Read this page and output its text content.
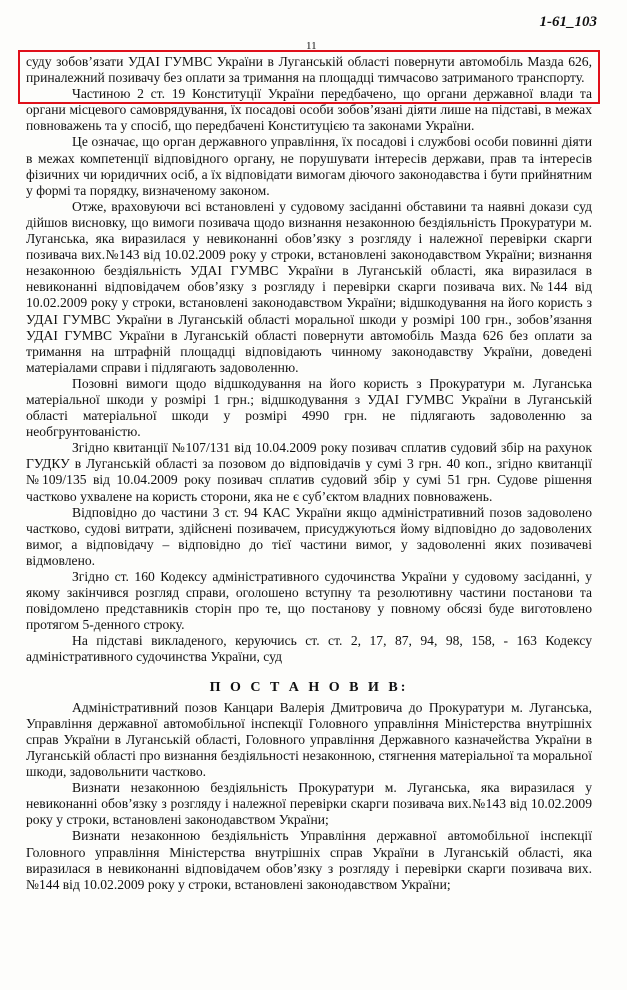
1-61_103
11

суду зобов’язати УДАІ ГУМВС України в Луганській області повернути автомобіль Мазда 626, приналежний позивачу без оплати за тримання на площадці тимчасово затриманого транспорту.

Частиною 2 ст. 19 Конституції України передбачено, що органи державної влади та органи місцевого самоврядування, їх посадові особи зобов’язані діяти лише на підставі, в межах повноважень та у спосіб, що передбачені Конституцією та законами України.

Це означає, що орган державного управління, їх посадові і службові особи повинні діяти в межах компетенції відповідного органу, не порушувати інтересів держави, прав та інтересів фізичних чи юридичних осіб, а їх відповідати вимогам діючого законодавства і бути прийнятним у формі та порядку, визначеному законом.

Отже, враховуючи всі встановлені у судовому засіданні обставини та наявні докази суд дійшов висновку, що вимоги позивача щодо визнання незаконною бездіяльність Прокуратури м. Луганська, яка виразилася у невиконанні обов’язку з розгляду і належної перевірки скарги позивача вих.№143 від 10.02.2009 року у строки, встановлені законодавством України; визнання незаконною бездіяльність УДАІ ГУМВС України в Луганській області, яка виразилася в невиконанні відповідачем обов’язку з розгляду і перевірки скарги позивача вих.№144 від 10.02.2009 року у строки, встановлені законодавством України; відшкодування на його користь з УДАІ ГУМВС України в Луганській області моральної шкоди у розмірі 100 грн., зобов’язання УДАІ ГУМВС України в Луганській області повернути автомобіль Мазда 626 без оплати за тримання на штрафній площадці відповідають чинному законодавству України, доведені матеріалами справи і підлягають задоволенню.

Позовні вимоги щодо відшкодування на його користь з Прокуратури м. Луганська матеріальної шкоди у розмірі 1 грн.; відшкодування з УДАІ ГУМВС України в Луганській області матеріальної шкоди у розмірі 4990 грн. не підлягають задоволенню за необгрунтованістю.

Згідно квитанції №107/131 від 10.04.2009 року позивач сплатив судовий збір на рахунок ГУДКУ в Луганській області за позовом до відповідачів у сумі 3 грн. 40 коп., згідно квитанції №109/135 від 10.04.2009 року позивач сплатив судовий збір у сумі 51 грн. Судове рішення частково ухвалене на користь сторони, яка не є суб’єктом владних повноважень.

Відповідно до частини 3 ст. 94 КАС України якщо адміністративний позов задоволено частково, судові витрати, здійснені позивачем, присуджуються йому відповідно до задоволених вимог, а відповідачу – відповідно до тієї частини вимог, у задоволенні яких позивачеві відмовлено.

Згідно ст. 160 Кодексу адміністративного судочинства України у судовому засіданні, у якому закінчився розгляд справи, оголошено вступну та резолютивну частини постанови та повідомлено представників сторін про те, що постанову у повному обсязі буде виготовлено протягом 5-денного строку.

На підставі викладеного, керуючись ст. ст. 2, 17, 87, 94, 98, 158, - 163 Кодексу адміністративного судочинства України, суд

П О С Т А Н О В И В:

Адміністративний позов Канцари Валерія Дмитровича до Прокуратури м. Луганська, Управління державної автомобільної інспекції Головного управління Міністерства внутрішніх справ України в Луганській області, Головного управління Державного казначейства України в Луганській області про визнання бездіяльності незаконною, стягнення матеріальної та моральної шкоди, задовольнити частково.

Визнати незаконною бездіяльність Прокуратури м. Луганська, яка виразилася у невиконанні обов’язку з розгляду і належної перевірки скарги позивача вих.№143 від 10.02.2009 року у строки, встановлені законодавством України;

Визнати незаконною бездіяльність Управління державної автомобільної інспекції Головного управління Міністерства внутрішніх справ України в Луганській області, яка виразилася в невиконанні відповідачем обов’язку з розгляду і перевірки скарги позивача вих.№144 від 10.02.2009 року у строки, встановлені законодавством України;
